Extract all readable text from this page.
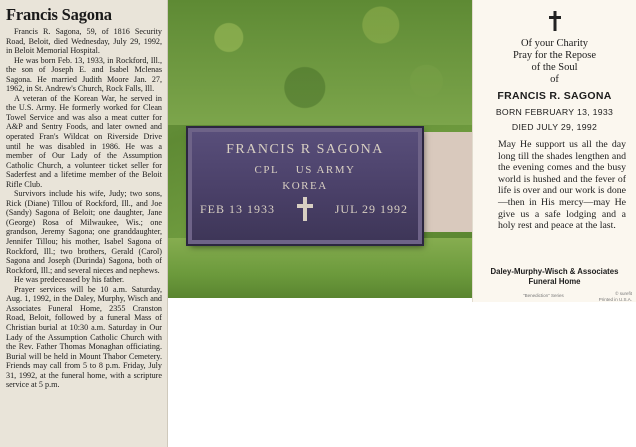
Francis Sagona

Francis R. Sagona, 59, of 1816 Security Road, Beloit, died Wednesday, July 29, 1992, in Beloit Memorial Hospital.

He was born Feb. 13, 1933, in Rockford, Ill., the son of Joseph E. and Isabel Mclenas Sagona. He married Judith Moore Jan. 27, 1962, in St. Andrew's Church, Rock Falls, Ill.

A veteran of the Korean War, he served in the U.S. Army. He formerly worked for Clean Towel Service and was also a meat cutter for A&P and Sentry Foods, and later owned and operated Fran's Wildcat on Riverside Drive until he was disabled in 1986. He was a member of Our Lady of the Assumption Catholic Church, a volunteer ticket seller for Saderfest and a lifetime member of the Beloit Rifle Club.

Survivors include his wife, Judy; two sons, Rick (Diane) Tillou of Rockford, Ill., and Joe (Sandy) Sagona of Beloit; one daughter, Jane (George) Rosa of Milwaukee, Wis.; one grandson, Jeremy Sagona; one granddaughter, Jennifer Tillou; his mother, Isabel Sagona of Rockford, Ill.; two brothers, Gerald (Carol) Sagona and Joseph (Durinda) Sagona, both of Rockford, Ill.; and several nieces and nephews.

He was predeceased by his father.

Prayer services will be 10 a.m. Saturday, Aug. 1, 1992, in the Daley, Murphy, Wisch and Associates Funeral Home, 2355 Cranston Road, Beloit, followed by a funeral Mass of Christian burial at 10:30 a.m. Saturday in Our Lady of the Assumption Catholic Church with the Rev. Father Thomas Monaghan officiating. Burial will be held in Mount Thabor Cemetery. Friends may call from 5 to 8 p.m. Friday, July 31, 1992, at the funeral home, with a scripture service at 5 p.m.

FRANCIS R SAGONA
CPL    US ARMY
KOREA
FEB 13 1933	JUL 29 1992
Of your Charity
Pray for the Repose
of the Soul
of
FRANCIS R. SAGONA
BORN FEBRUARY 13, 1933
DIED JULY 29, 1992
May He support us all the day long till the shades lengthen and the evening comes and the busy world is hushed and the fever of life is over and our work is done—then in His mercy—may He give us a safe lodging and a holy rest and peace at the last.
Daley-Murphy-Wisch & Associates
Funeral Home
"Benediction" Series	© surefit
Printed in U.S.A.
